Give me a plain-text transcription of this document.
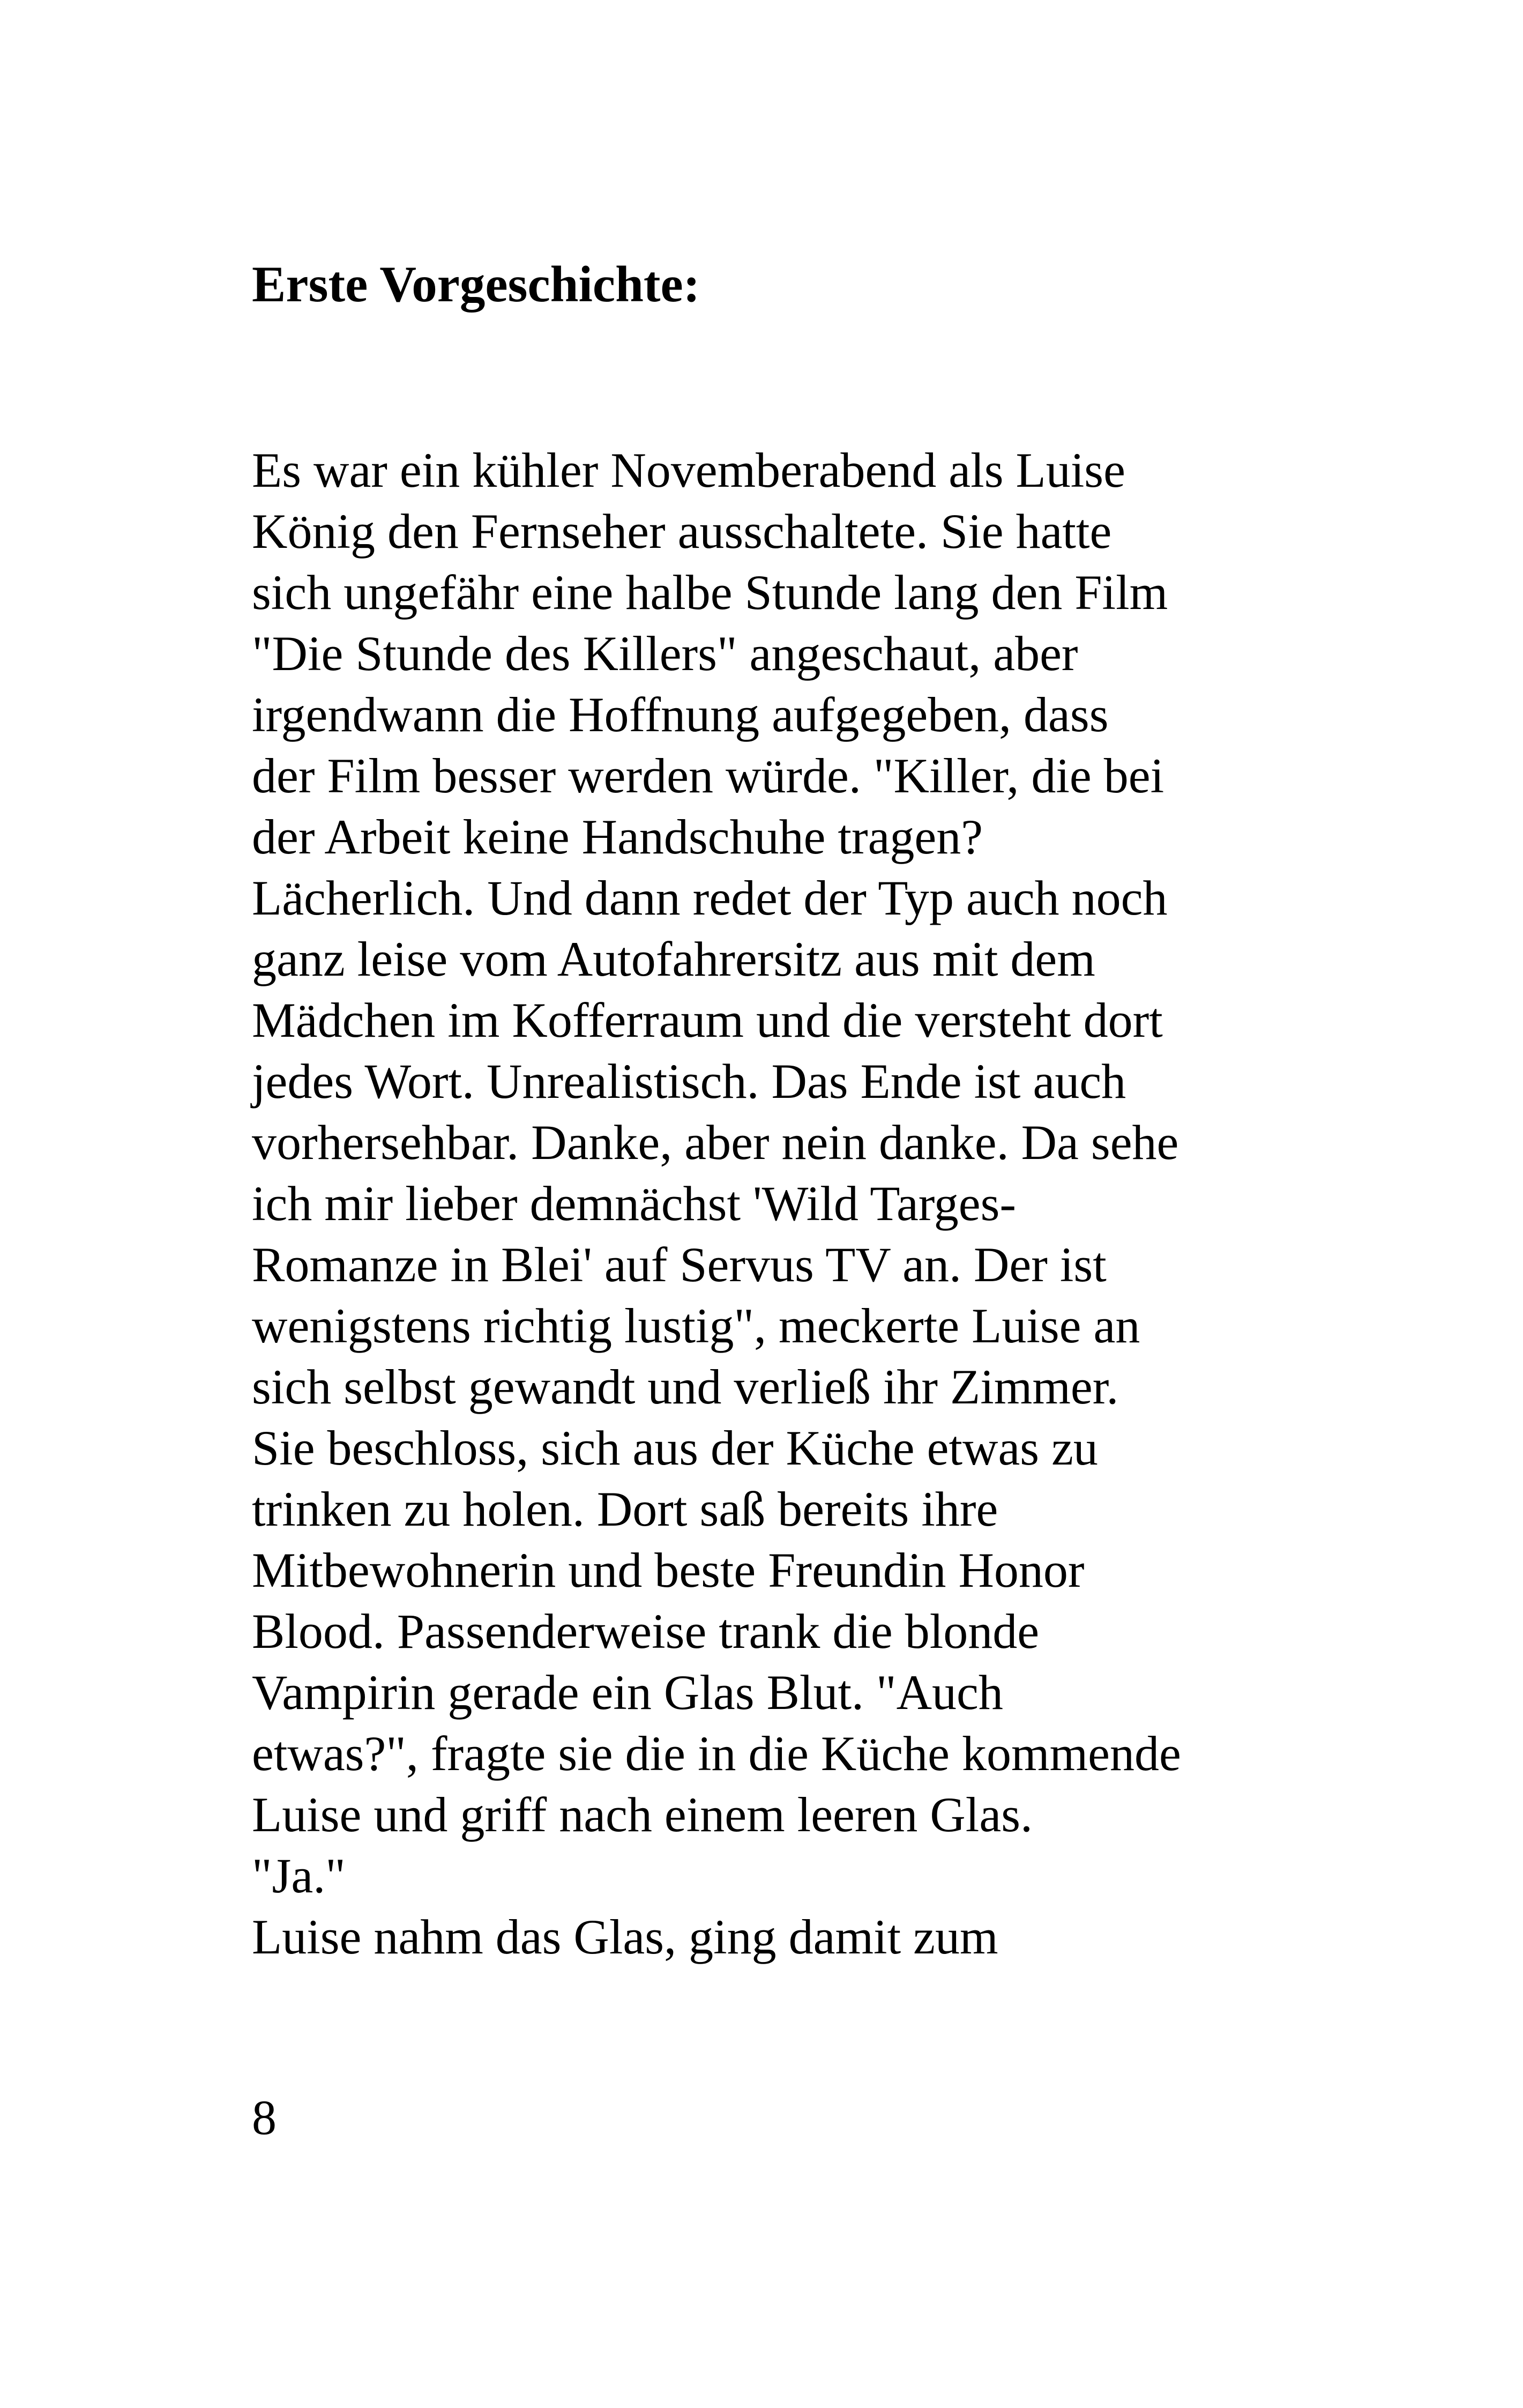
Erste Vorgeschichte:
Es war ein kühler Novemberabend als Luise
König den Fernseher ausschaltete. Sie hatte
sich ungefähr eine halbe Stunde lang den Film
"Die Stunde des Killers" angeschaut, aber
irgendwann die Hoffnung aufgegeben, dass
der Film besser werden würde. "Killer, die bei
der Arbeit keine Handschuhe tragen?
Lächerlich. Und dann redet der Typ auch noch
ganz leise vom Autofahrersitz aus mit dem
Mädchen im Kofferraum und die versteht dort
jedes Wort. Unrealistisch. Das Ende ist auch
vorhersehbar. Danke, aber nein danke. Da sehe
ich mir lieber demnächst 'Wild Targes-
Romanze in Blei' auf Servus TV an. Der ist
wenigstens richtig lustig", meckerte Luise an
sich selbst gewandt und verließ ihr Zimmer.
Sie beschloss, sich aus der Küche etwas zu
trinken zu holen. Dort saß bereits ihre
Mitbewohnerin und beste Freundin Honor
Blood. Passenderweise trank die blonde
Vampirin gerade ein Glas Blut. "Auch
etwas?", fragte sie die in die Küche kommende
Luise und griff nach einem leeren Glas.
"Ja."
Luise nahm das Glas, ging damit zum
8
